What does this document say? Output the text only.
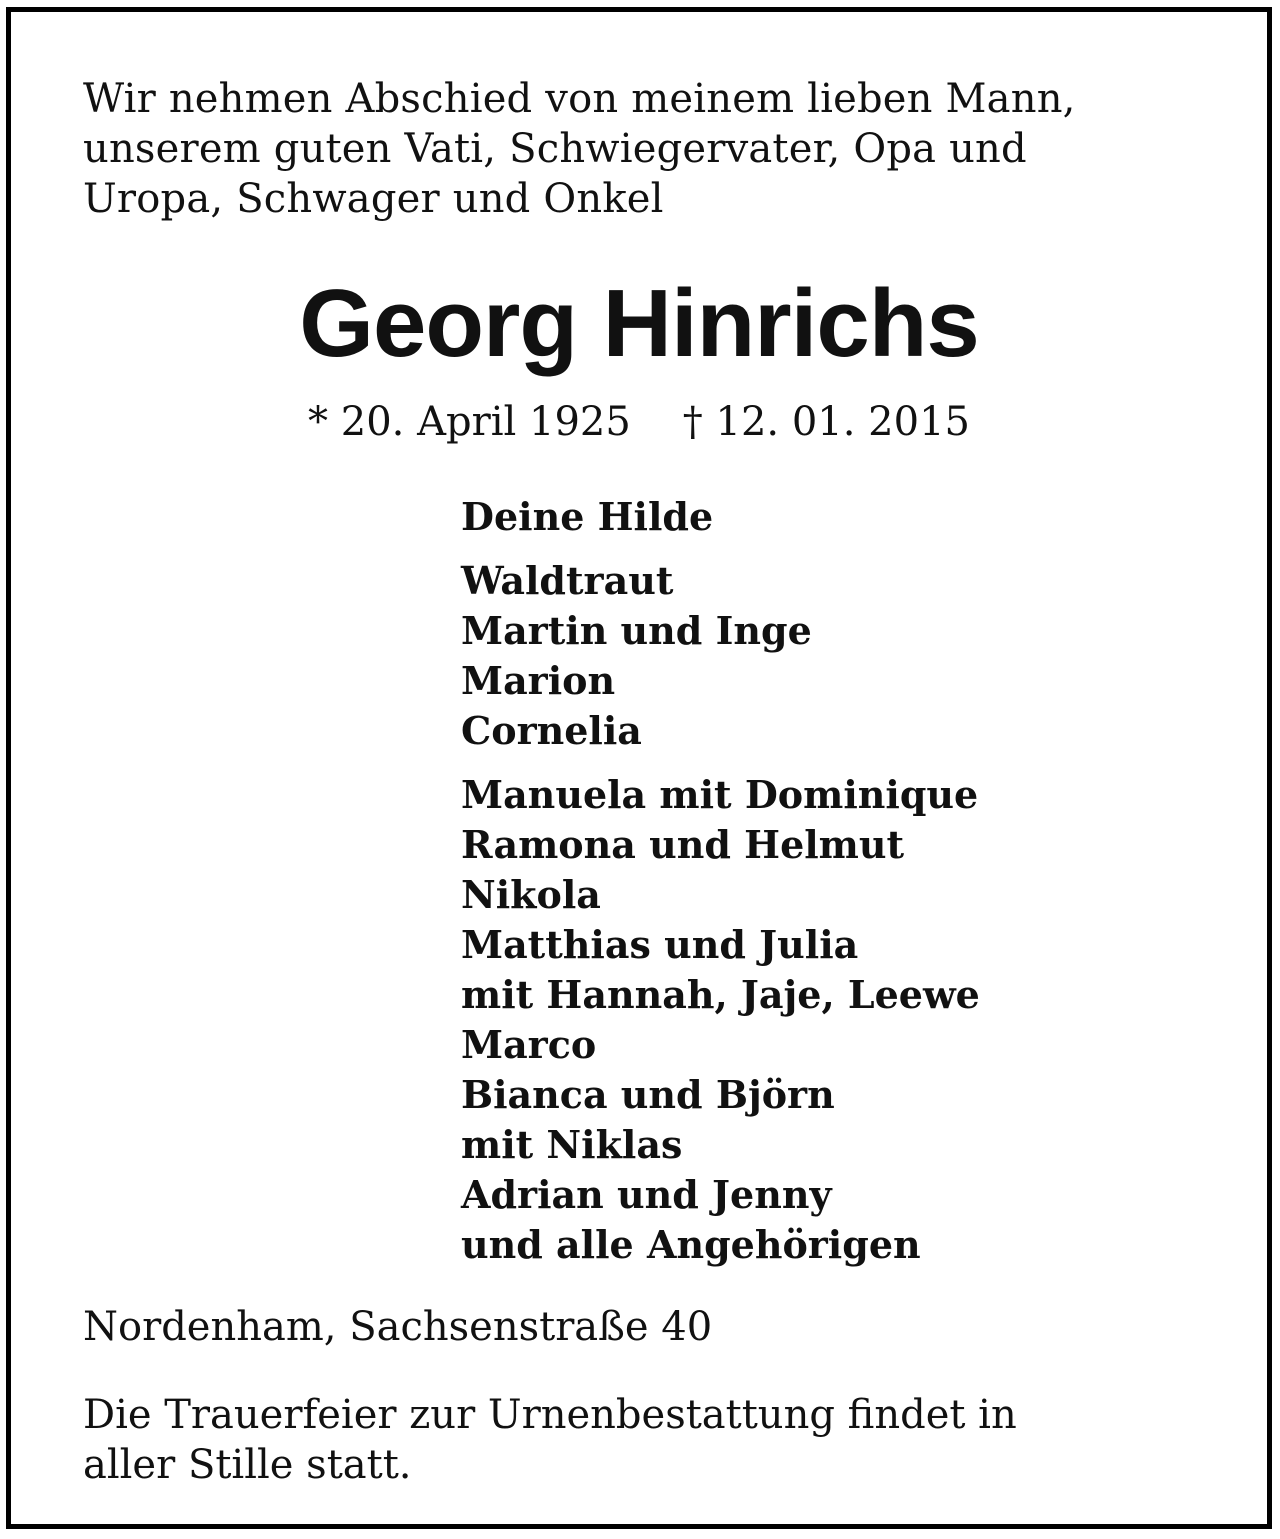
Wir nehmen Abschied von meinem lieben Mann,
unserem guten Vati, Schwiegervater, Opa und
Uropa, Schwager und Onkel

Georg Hinrichs

* 20. April 1925 † 12. 01. 2015

Deine Hilde
Waldtraut
Martin und Inge
Marion
Cornelia
Manuela mit Dominique
Ramona und Helmut
Nikola
Matthias und Julia
mit Hannah, Jaje, Leewe
Marco
Bianca und Björn
mit Niklas
Adrian und Jenny
und alle Angehörigen

Nordenham, Sachsenstraße 40

Die Trauerfeier zur Urnenbestattung findet in
aller Stille statt.
